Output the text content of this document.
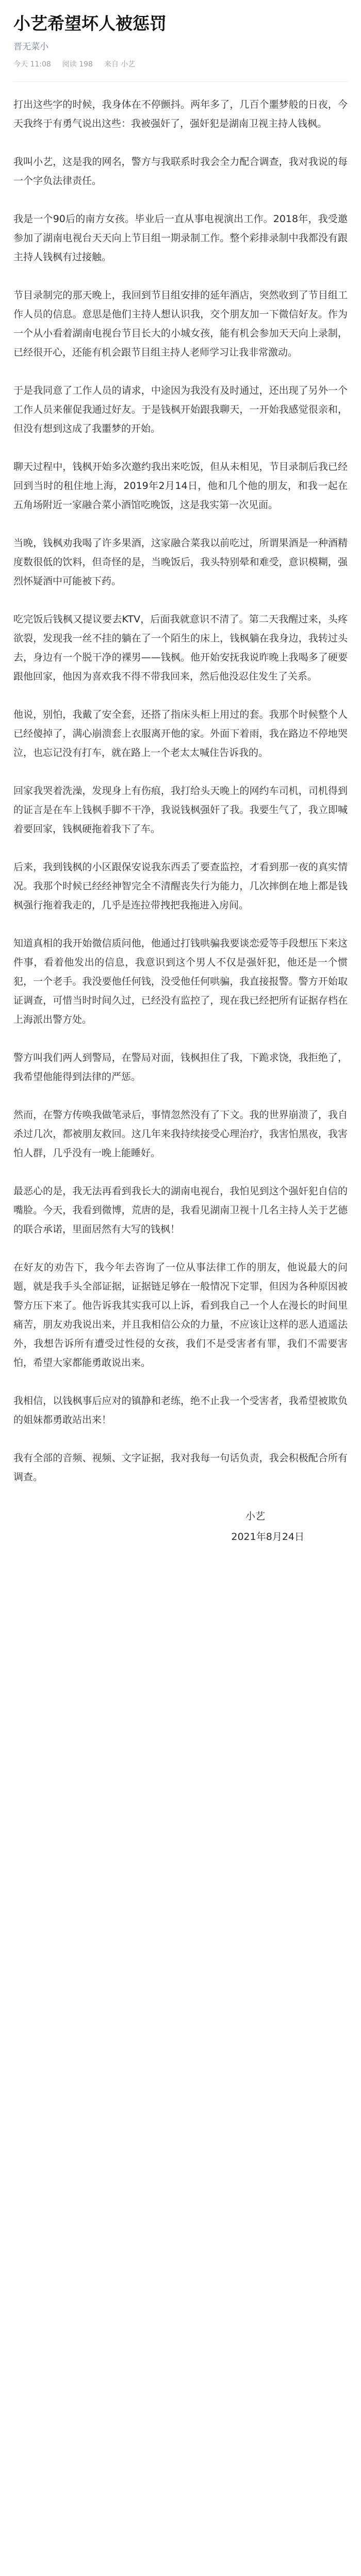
小艺希望坏人被惩罚
晋无菜小
今天 11:08 阅读 198 来自 小艺

打出这些字的时候，我身体在不停颤抖。两年多了，几百个噩梦般的日夜，今天我终于有勇气说出这些：我被强奸了，强奸犯是湖南卫视主持人钱枫。

我叫小艺，这是我的网名，警方与我联系时我会全力配合调查，我对我说的每一个字负法律责任。

我是一个90后的南方女孩。毕业后一直从事电视演出工作。2018年，我受邀参加了湖南电视台天天向上节目组一期录制工作。整个彩排录制中我都没有跟主持人钱枫有过接触。

节目录制完的那天晚上，我回到节目组安排的延年酒店，突然收到了节目组工作人员的信息。意思是他们主持人想认识我，交个朋友加一下微信好友。作为一个从小看着湖南电视台节目长大的小城女孩，能有机会参加天天向上录制，已经很开心，还能有机会跟节目组主持人老师学习让我非常激动。

于是我同意了工作人员的请求，中途因为我没有及时通过，还出现了另外一个工作人员来催促我通过好友。于是钱枫开始跟我聊天，一开始我感觉很亲和，但没有想到这成了我噩梦的开始。

聊天过程中，钱枫开始多次邀约我出来吃饭，但从未相见，节目录制后我已经回到当时的租住地上海，2019年2月14日，他和几个他的朋友，和我一起在五角场附近一家融合菜小酒馆吃晚饭，这是我实第一次见面。

当晚，钱枫劝我喝了许多果酒，这家融合菜我以前吃过，所谓果酒是一种酒精度数很低的饮料，但奇怪的是，当晚饭后，我头特别晕和难受，意识模糊，强烈怀疑酒中可能被下药。

吃完饭后钱枫又提议要去KTV，后面我就意识不清了。第二天我醒过来，头疼欲裂，发现我一丝不挂的躺在了一个陌生的床上，钱枫躺在我身边，我转过头去，身边有一个脱干净的裸男——钱枫。他开始安抚我说昨晚上我喝多了硬要跟他回家，他因为喜欢我不得不带我回来，然后他没忍住发生了关系。

他说，别怕，我戴了安全套，还搭了指床头柜上用过的套。我那个时候整个人已经傻掉了，满心崩溃套上衣服离开他的家。外面下着雨，我在路边不停地哭泣，也忘记没有打车，就在路上一个老太太喊住告诉我的。

回家我哭着洗澡，发现身上有伤痕，我打给头天晚上的网约车司机，司机得到的证言是在车上钱枫手脚不干净，我说钱枫强奸了我。我要生气了，我立即喊着要回家，钱枫硬拖着我下了车。

后来，我到钱枫的小区跟保安说我东西丢了要查监控，才看到那一夜的真实情况。我那个时候已经经神智完全不清醒丧失行为能力，几次摔倒在地上都是钱枫强行拖着我走的，几乎是连拉带拽把我拖进入房间。

知道真相的我开始微信质问他，他通过打钱哄骗我要谈恋爱等手段想压下来这件事，看着他发出的信息，我意识到这个男人不仅是强奸犯，他还是一个惯犯，一个老手。我没要他任何钱，没受他任何哄骗，我直接报警。警方开始取证调查，可惜当时时间久过，已经没有监控了，现在我已经把所有证据存档在上海派出警方处。

警方叫我们两人到警局，在警局对面，钱枫担住了我，下跪求饶，我拒绝了，我希望他能得到法律的严惩。

然而，在警方传唤我做笔录后，事情忽然没有了下文。我的世界崩溃了，我自杀过几次，都被朋友救回。这几年来我持续接受心理治疗，我害怕黑夜，我害怕人群，几乎没有一晚上能睡好。

最恶心的是，我无法再看到我长大的湖南电视台，我怕见到这个强奸犯自信的嘴脸。今天，我看到微博，荒唐的是，我看见湖南卫视十几名主持人关于艺德的联合承诺，里面居然有大写的钱枫！

在好友的劝告下，我今年去咨询了一位从事法律工作的朋友，他说最大的问题，就是我手头全部证据，证据链足够在一般情况下定罪，但因为各种原因被警方压下来了。他告诉我其实我可以上诉，看到我自己一个人在漫长的时间里痛苦，朋友劝我说出来，并且我相信公众的力量，不应该让这样的恶人逍遥法外，我想告诉所有遭受过性侵的女孩，我们不是受害者有罪，我们不需要害怕，希望大家都能勇敢说出来。

我相信，以钱枫事后应对的镇静和老练，绝不止我一个受害者，我希望被欺负的姐妹都勇敢站出来！

我有全部的音频、视频、文字证据，我对我每一句话负责，我会积极配合所有调查。

小艺
2021年8月24日
